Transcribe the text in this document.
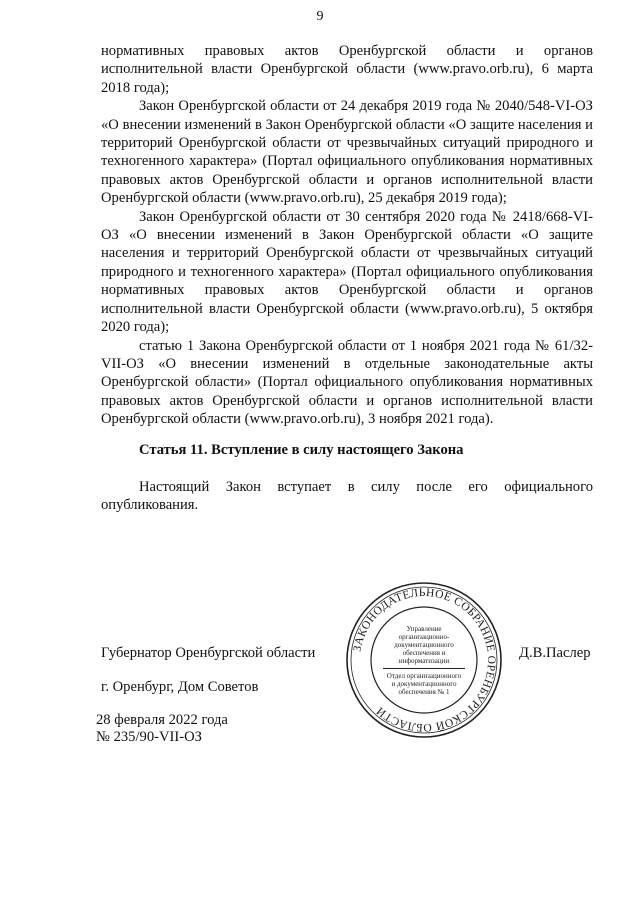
9

нормативных правовых актов Оренбургской области и органов исполнительной власти Оренбургской области (www.pravo.orb.ru), 6 марта 2018 года);

Закон Оренбургской области от 24 декабря 2019 года № 2040/548-VI-ОЗ «О внесении изменений в Закон Оренбургской области «О защите населения и территорий Оренбургской области от чрезвычайных ситуаций природного и техногенного характера» (Портал официального опубликования нормативных правовых актов Оренбургской области и органов исполнительной власти Оренбургской области (www.pravo.orb.ru), 25 декабря 2019 года);

Закон Оренбургской области от 30 сентября 2020 года № 2418/668-VI-ОЗ «О внесении изменений в Закон Оренбургской области «О защите населения и территорий Оренбургской области от чрезвычайных ситуаций природного и техногенного характера» (Портал официального опубликования нормативных правовых актов Оренбургской области и органов исполнительной власти Оренбургской области (www.pravo.orb.ru), 5 октября 2020 года);

статью 1 Закона Оренбургской области от 1 ноября 2021 года № 61/32-VII-ОЗ «О внесении изменений в отдельные законодательные акты Оренбургской области» (Портал официального опубликования нормативных правовых актов Оренбургской области и органов исполнительной власти Оренбургской области (www.pravo.orb.ru), 3 ноября 2021 года).

Статья 11. Вступление в силу настоящего Закона

Настоящий Закон вступает в силу после его официального опубликования.

Губернатор Оренбургской области	Д.В.Паслер
г. Оренбург, Дом Советов
28 февраля 2022 года
№ 235/90-VII-ОЗ
ЗАКОНОДАТЕЛЬНОЕ СОБРАНИЕ ОРЕНБУРГСКОЙ ОБЛАСТИ
Управление организационно-документационного обеспечения и информатизации
Отдел организационного и документационного обеспечения № 1
